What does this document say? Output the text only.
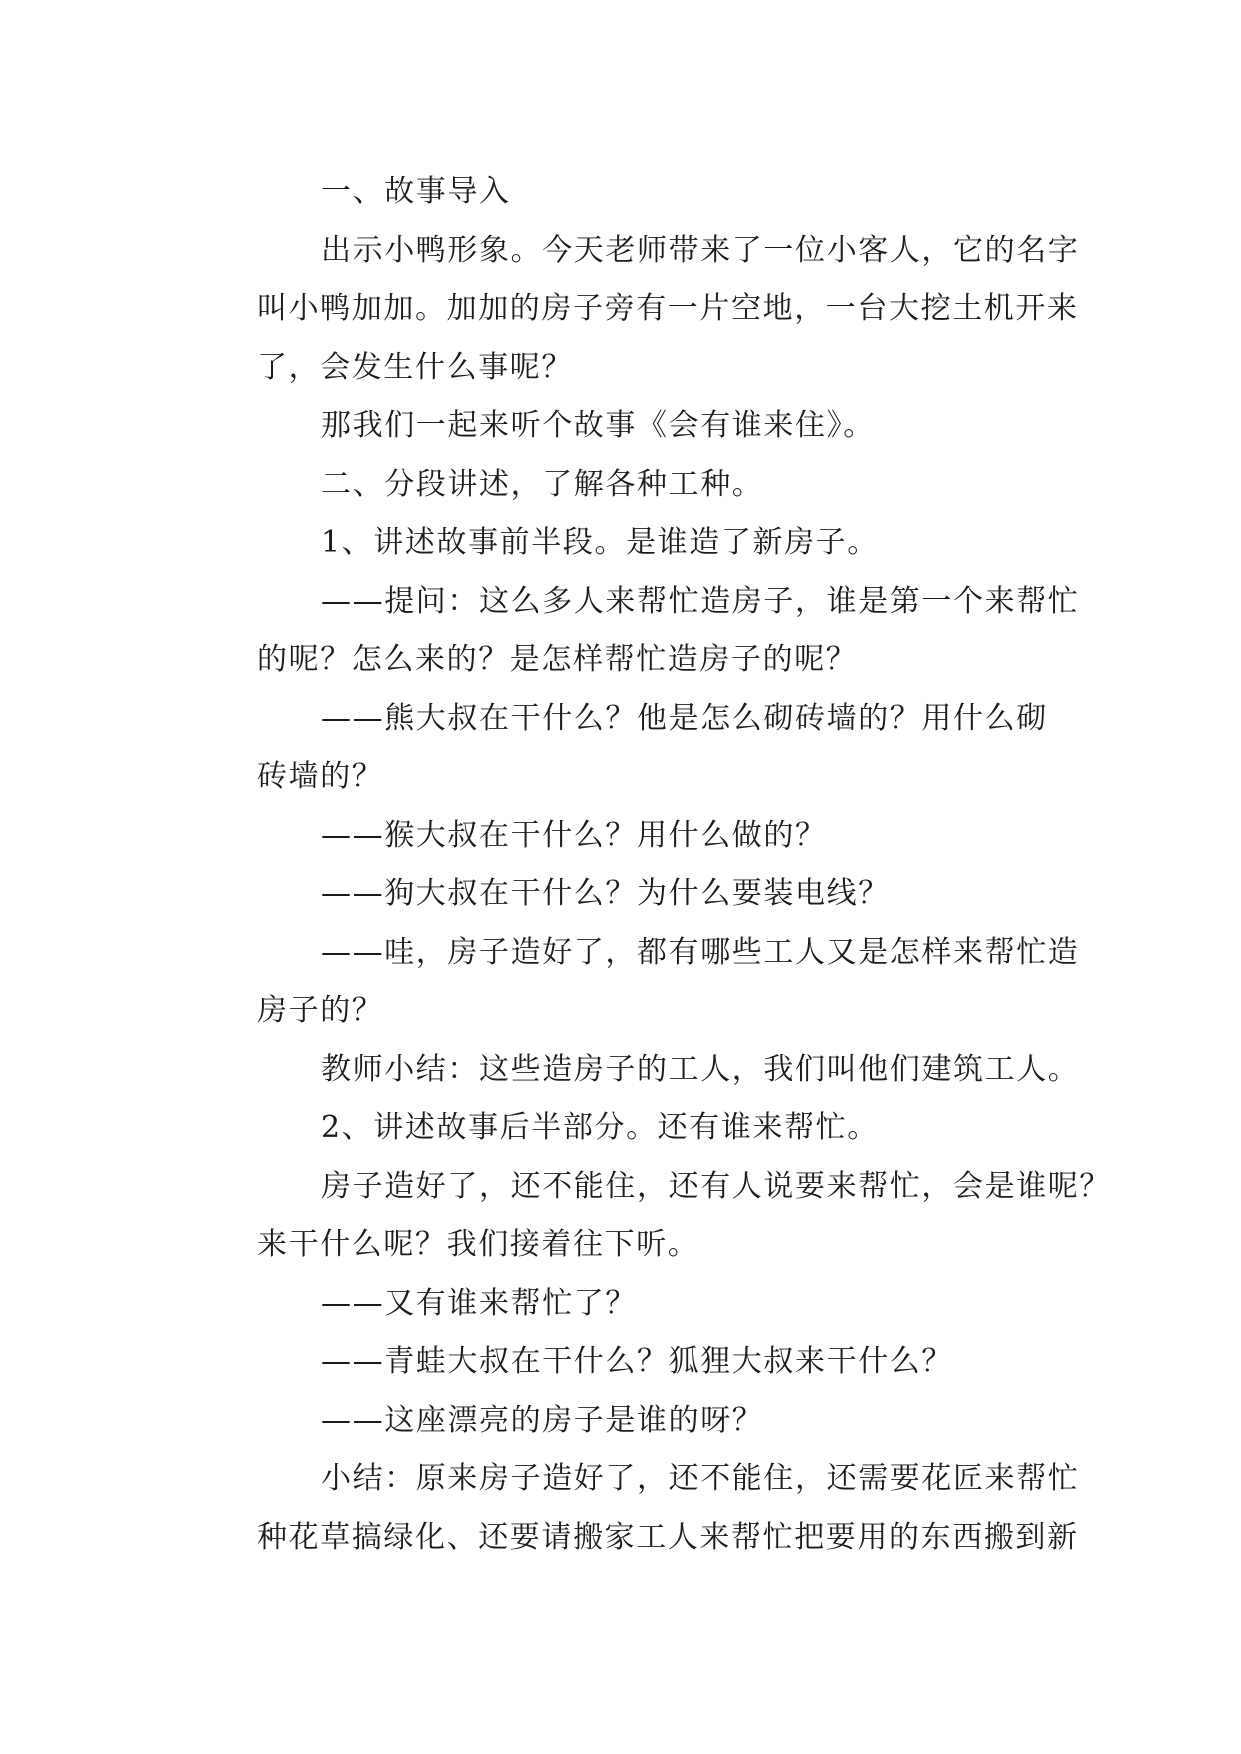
一、故事导入
出示小鸭形象。今天老师带来了一位小客人，它的名字
叫小鸭加加。加加的房子旁有一片空地，一台大挖土机开来
了，会发生什么事呢？
那我们一起来听个故事《会有谁来住》。
二、分段讲述，了解各种工种。
1、讲述故事前半段。是谁造了新房子。
——提问：这么多人来帮忙造房子，谁是第一个来帮忙
的呢？怎么来的？是怎样帮忙造房子的呢？
——熊大叔在干什么？他是怎么砌砖墙的？用什么砌
砖墙的？
——猴大叔在干什么？用什么做的？
——狗大叔在干什么？为什么要装电线？
——哇，房子造好了，都有哪些工人又是怎样来帮忙造
房子的？
教师小结：这些造房子的工人，我们叫他们建筑工人。
2、讲述故事后半部分。还有谁来帮忙。
房子造好了，还不能住，还有人说要来帮忙，会是谁呢？
来干什么呢？我们接着往下听。
——又有谁来帮忙了？
——青蛙大叔在干什么？狐狸大叔来干什么？
——这座漂亮的房子是谁的呀？
小结：原来房子造好了，还不能住，还需要花匠来帮忙
种花草搞绿化、还要请搬家工人来帮忙把要用的东西搬到新
